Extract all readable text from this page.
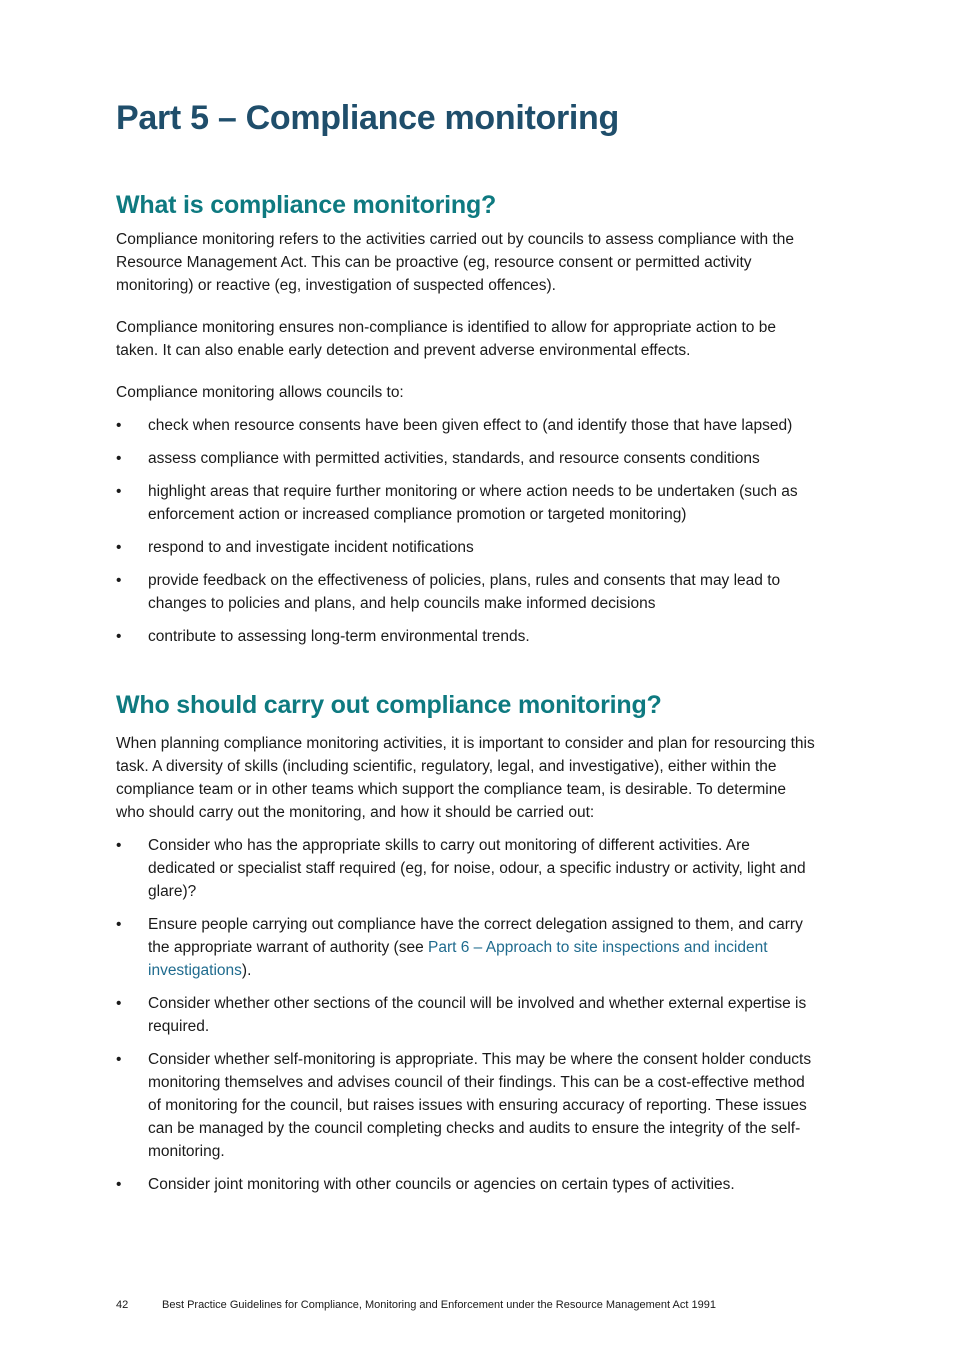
Part 5 – Compliance monitoring
What is compliance monitoring?

Compliance monitoring refers to the activities carried out by councils to assess compliance with the Resource Management Act. This can be proactive (eg, resource consent or permitted activity monitoring) or reactive (eg, investigation of suspected offences).

Compliance monitoring ensures non-compliance is identified to allow for appropriate action to be taken. It can also enable early detection and prevent adverse environmental effects.

Compliance monitoring allows councils to:

• check when resource consents have been given effect to (and identify those that have lapsed)
• assess compliance with permitted activities, standards, and resource consents conditions
• highlight areas that require further monitoring or where action needs to be undertaken (such as enforcement action or increased compliance promotion or targeted monitoring)
• respond to and investigate incident notifications
• provide feedback on the effectiveness of policies, plans, rules and consents that may lead to changes to policies and plans, and help councils make informed decisions
• contribute to assessing long-term environmental trends.
Who should carry out compliance monitoring?

When planning compliance monitoring activities, it is important to consider and plan for resourcing this task. A diversity of skills (including scientific, regulatory, legal, and investigative), either within the compliance team or in other teams which support the compliance team, is desirable. To determine who should carry out the monitoring, and how it should be carried out:

• Consider who has the appropriate skills to carry out monitoring of different activities. Are dedicated or specialist staff required (eg, for noise, odour, a specific industry or activity, light and glare)?
• Ensure people carrying out compliance have the correct delegation assigned to them, and carry the appropriate warrant of authority (see Part 6 – Approach to site inspections and incident investigations).
• Consider whether other sections of the council will be involved and whether external expertise is required.
• Consider whether self-monitoring is appropriate. This may be where the consent holder conducts monitoring themselves and advises council of their findings. This can be a cost-effective method of monitoring for the council, but raises issues with ensuring accuracy of reporting. These issues can be managed by the council completing checks and audits to ensure the integrity of the self-monitoring.
• Consider joint monitoring with other councils or agencies on certain types of activities.
42	Best Practice Guidelines for Compliance, Monitoring and Enforcement under the Resource Management Act 1991
